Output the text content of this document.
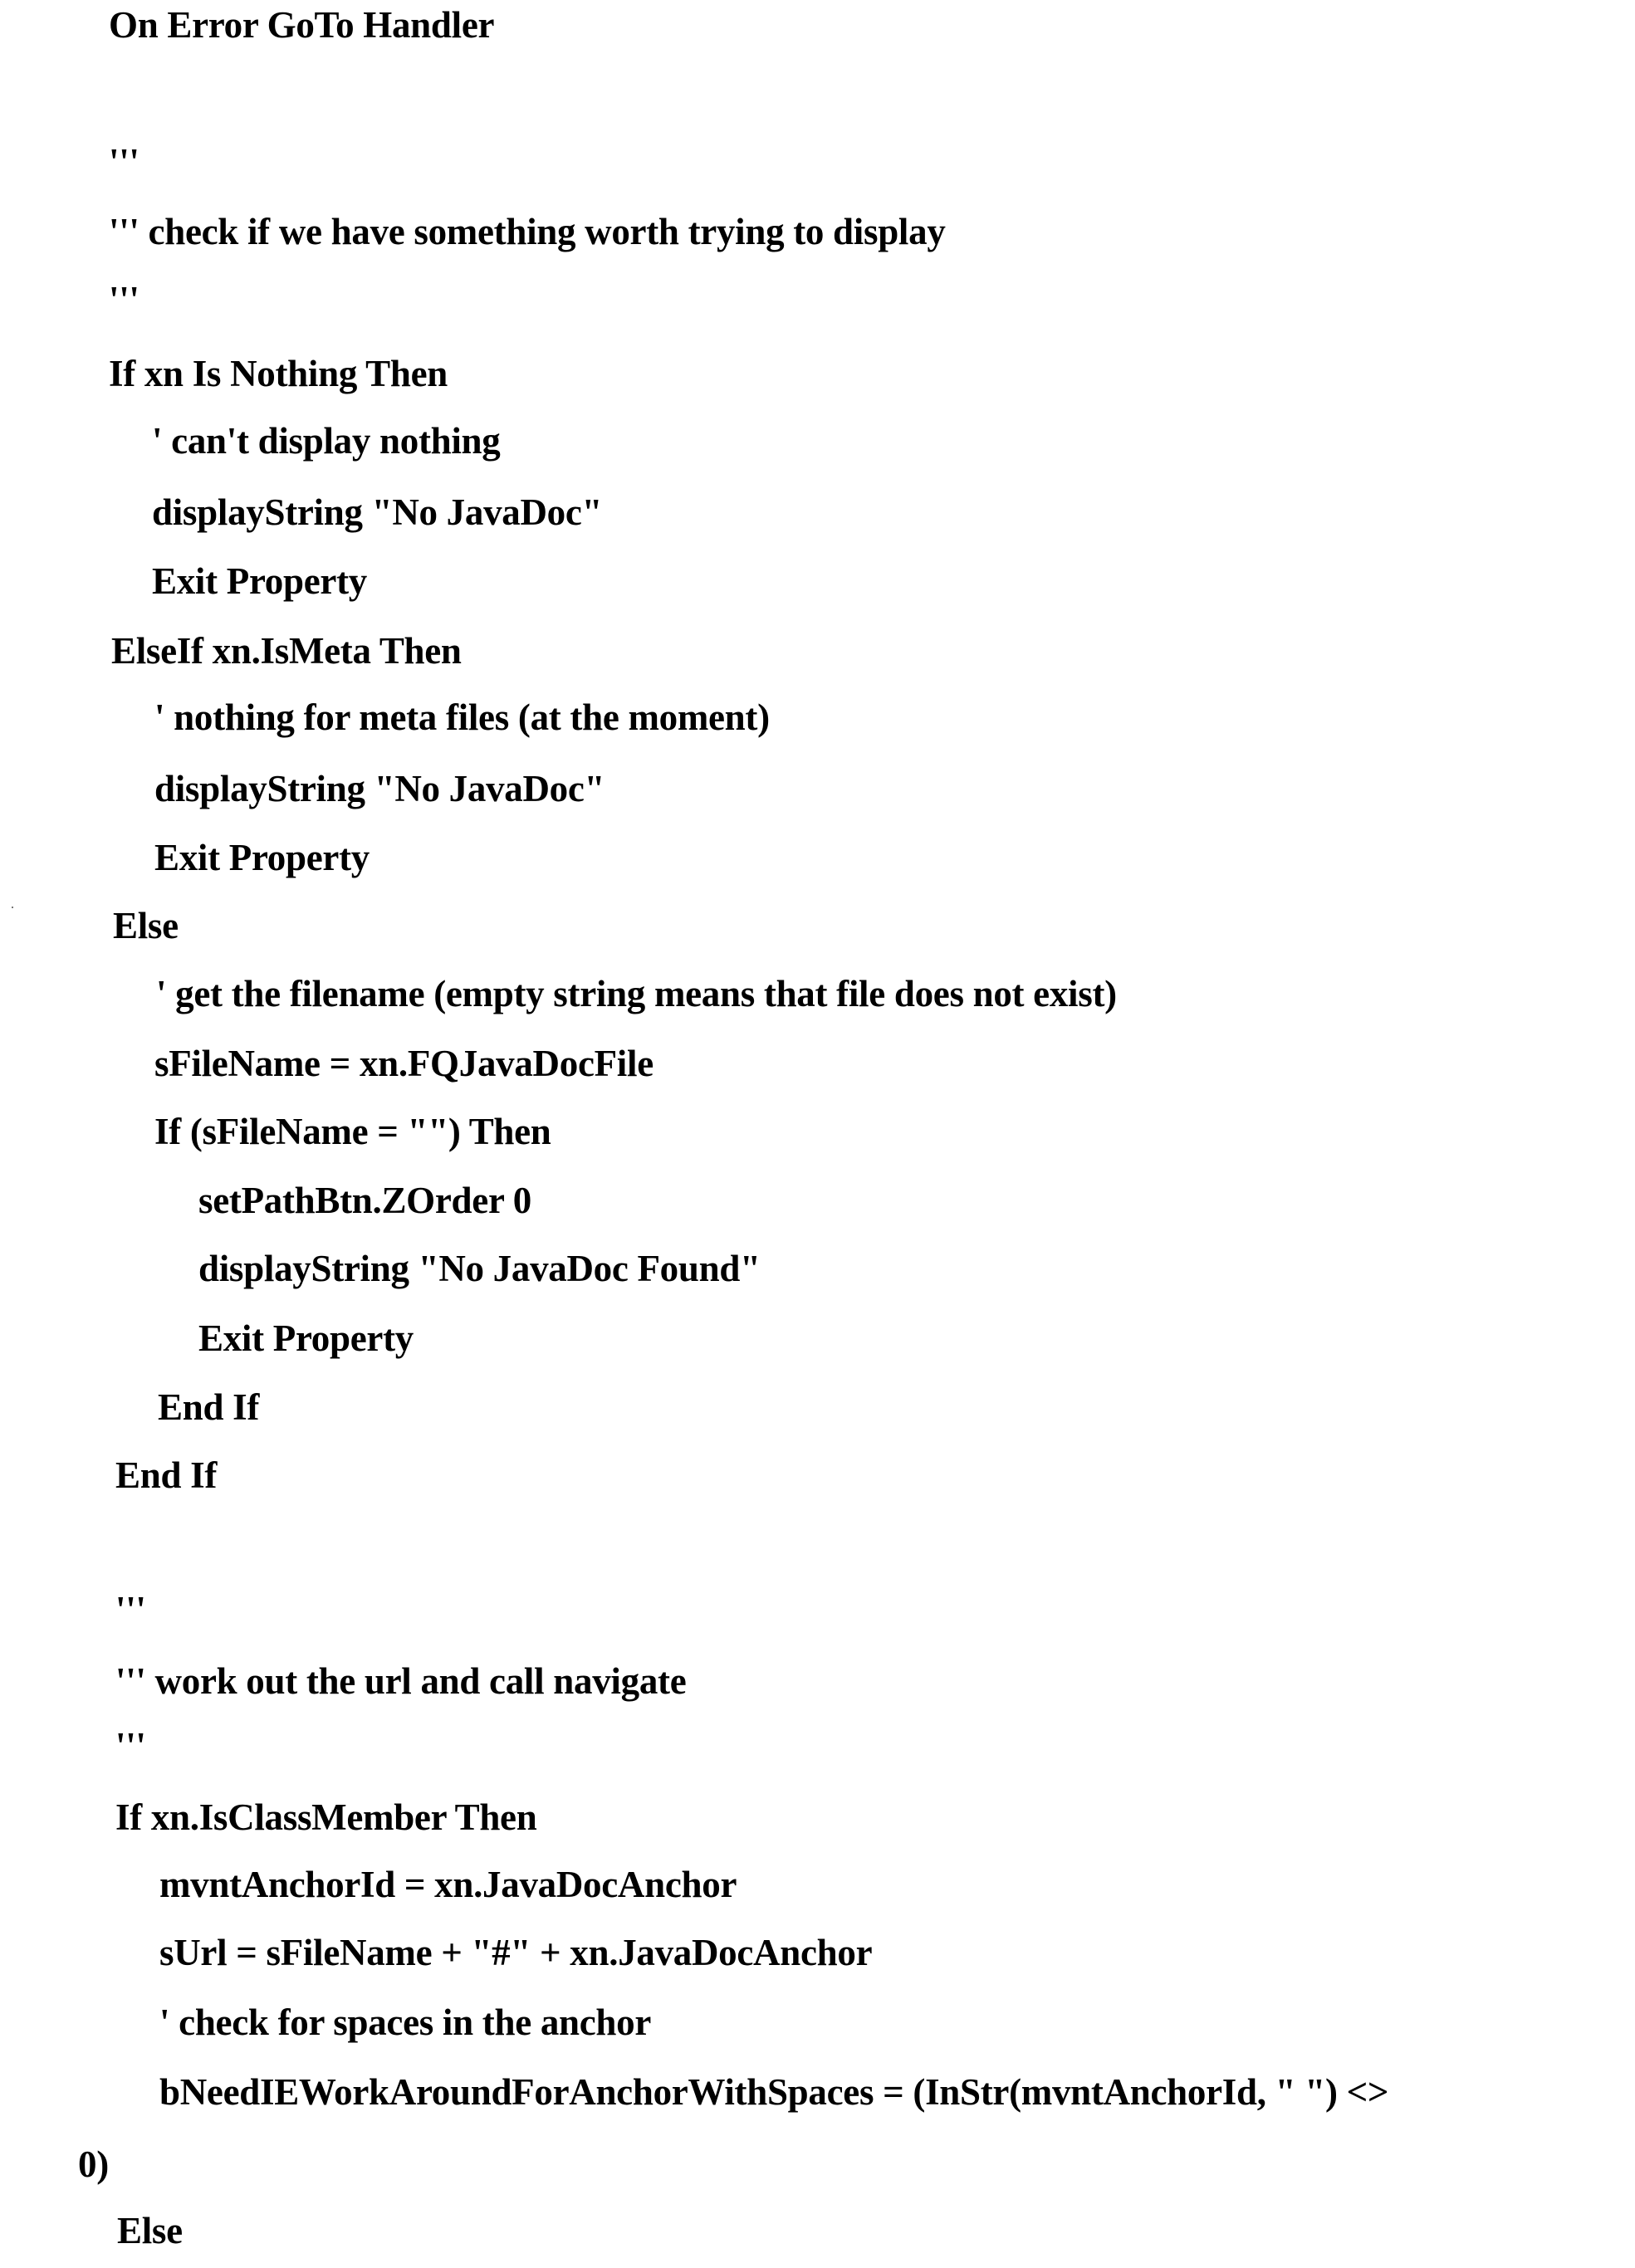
On Error GoTo Handler
'''
''' check if we have something worth trying to display
'''
If xn Is Nothing Then
' can't display nothing
displayString "No JavaDoc"
Exit Property
ElseIf xn.IsMeta Then
' nothing for meta files (at the moment)
displayString "No JavaDoc"
Exit Property
Else
' get the filename (empty string means that file does not exist)
sFileName = xn.FQJavaDocFile
If (sFileName = "") Then
setPathBtn.ZOrder 0
displayString "No JavaDoc Found"
Exit Property
End If
End If
'''
''' work out the url and call navigate
'''
If xn.IsClassMember Then
mvntAnchorId = xn.JavaDocAnchor
sUrl = sFileName + "#" + xn.JavaDocAnchor
' check for spaces in the anchor
bNeedIEWorkAroundForAnchorWithSpaces = (InStr(mvntAnchorId, " ") <>
0)
Else
